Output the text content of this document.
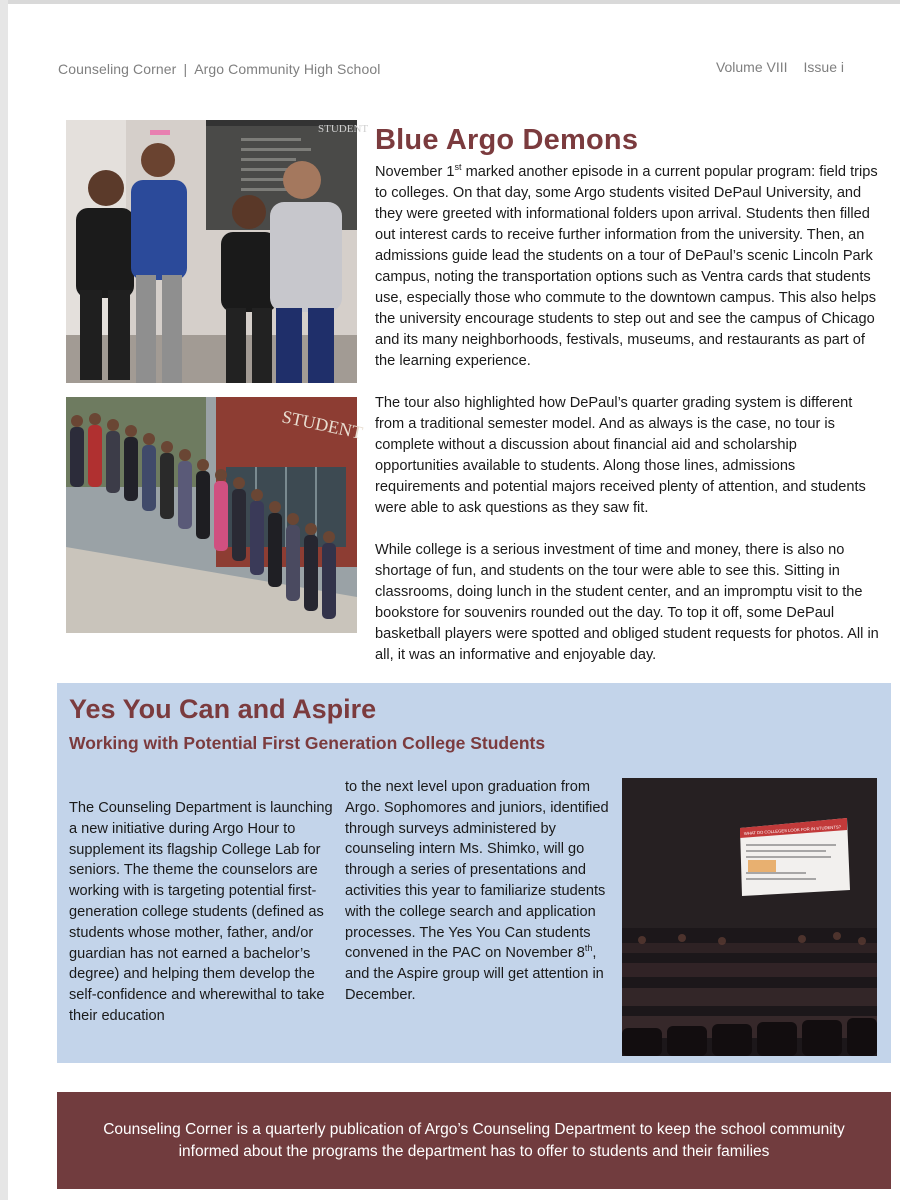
Counseling Corner | Argo Community High School	Volume VIII Issue i
STUDENT
STUDENT
Blue Argo Demons

November 1st marked another episode in a current popular program: field trips to colleges. On that day, some Argo students visited DePaul University, and they were greeted with informational folders upon arrival. Students then filled out interest cards to receive further information from the university. Then, an admissions guide lead the students on a tour of DePaul’s scenic Lincoln Park campus, noting the transportation options such as Ventra cards that students use, especially those who commute to the downtown campus. This also helps the university encourage students to step out and see the campus of Chicago and its many neighborhoods, festivals, museums, and restaurants as part of the learning experience.

The tour also highlighted how DePaul’s quarter grading system is different from a traditional semester model. And as always is the case, no tour is complete without a discussion about financial aid and scholarship opportunities available to students. Along those lines, admissions requirements and potential majors received plenty of attention, and students were able to ask questions as they saw fit.

While college is a serious investment of time and money, there is also no shortage of fun, and students on the tour were able to see this. Sitting in classrooms, doing lunch in the student center, and an impromptu visit to the bookstore for souvenirs rounded out the day. To top it off, some DePaul basketball players were spotted and obliged student requests for photos. All in all, it was an informative and enjoyable day.

Yes You Can and Aspire
Working with Potential First Generation College Students
The Counseling Department is launching a new initiative during Argo Hour to supplement its flagship College Lab for seniors. The theme the counselors are working with is targeting potential first-generation college students (defined as students whose mother, father, and/or guardian has not earned a bachelor’s degree) and helping them develop the self-confidence and wherewithal to take their education
to the next level upon graduation from Argo. Sophomores and juniors, identified through surveys administered by counseling intern Ms. Shimko, will go through a series of presentations and activities this year to familiarize students with the college search and application processes. The Yes You Can students convened in the PAC on November 8th, and the Aspire group will get attention in December.
WHAT DO COLLEGES LOOK FOR IN STUDENTS?
Counseling Corner is a quarterly publication of Argo’s Counseling Department to keep the school community informed about the programs the department has to offer to students and their families
